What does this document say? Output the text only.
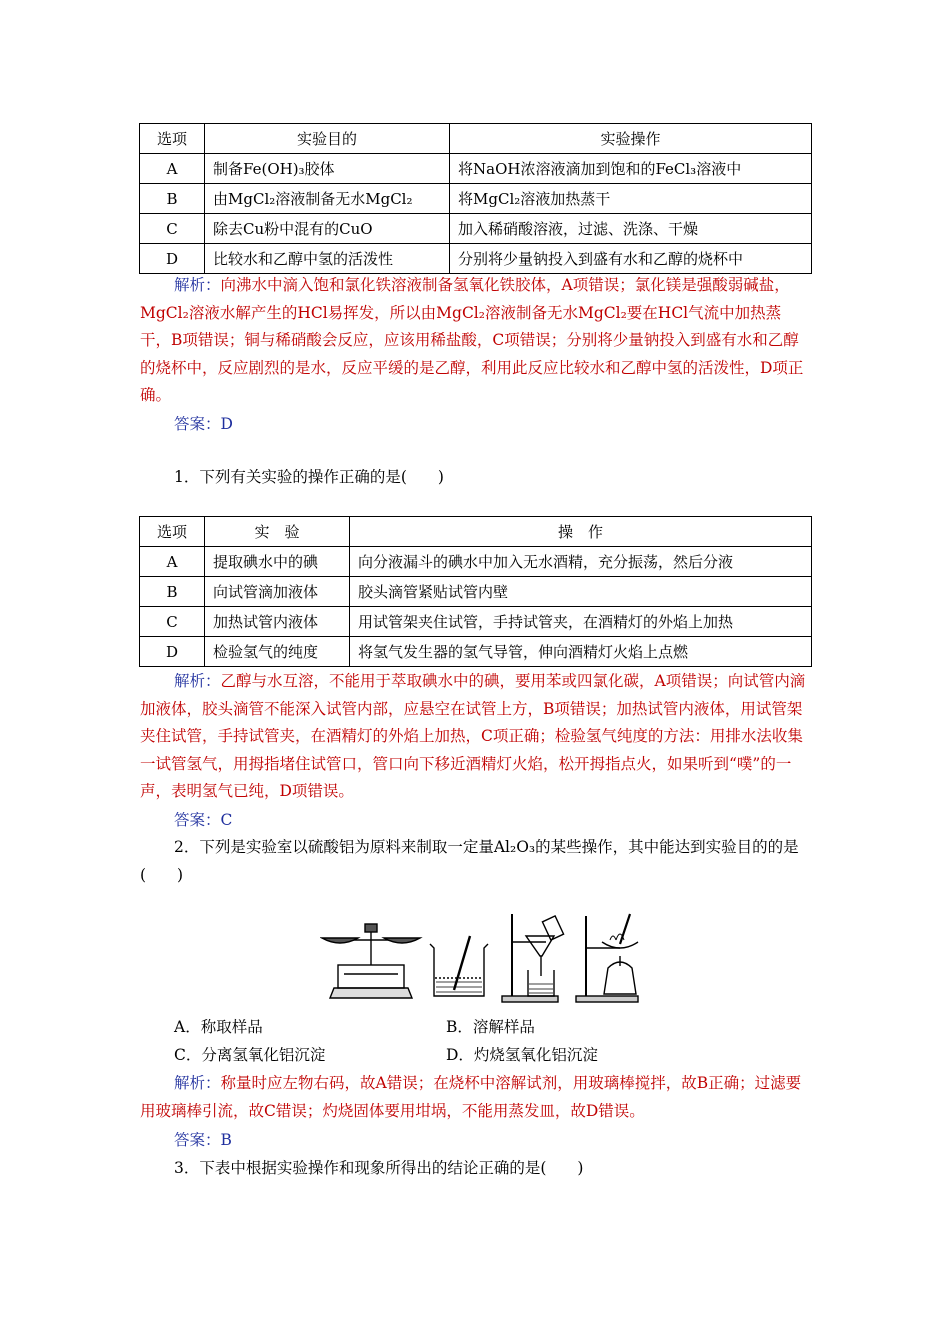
选项	实验目的	实验操作
A	制备Fe(OH)₃胶体	将NaOH浓溶液滴加到饱和的FeCl₃溶液中
B	由MgCl₂溶液制备无水MgCl₂	将MgCl₂溶液加热蒸干
C	除去Cu粉中混有的CuO	加入稀硝酸溶液，过滤、洗涤、干燥
D	比较水和乙醇中氢的活泼性	分别将少量钠投入到盛有水和乙醇的烧杯中
解析：向沸水中滴入饱和氯化铁溶液制备氢氧化铁胶体，A项错误；氯化镁是强酸弱碱盐，MgCl₂溶液水解产生的HCl易挥发，所以由MgCl₂溶液制备无水MgCl₂要在HCl气流中加热蒸干，B项错误；铜与稀硝酸会反应，应该用稀盐酸，C项错误；分别将少量钠投入到盛有水和乙醇的烧杯中，反应剧烈的是水，反应平缓的是乙醇，利用此反应比较水和乙醇中氢的活泼性，D项正确。
答案：D
1．下列有关实验的操作正确的是(　　)
选项	实　验	操　作
A	提取碘水中的碘	向分液漏斗的碘水中加入无水酒精，充分振荡，然后分液
B	向试管滴加液体	胶头滴管紧贴试管内壁
C	加热试管内液体	用试管架夹住试管，手持试管夹，在酒精灯的外焰上加热
D	检验氢气的纯度	将氢气发生器的氢气导管，伸向酒精灯火焰上点燃
解析：乙醇与水互溶，不能用于萃取碘水中的碘，要用苯或四氯化碳，A项错误；向试管内滴加液体，胶头滴管不能深入试管内部，应悬空在试管上方，B项错误；加热试管内液体，用试管架夹住试管，手持试管夹，在酒精灯的外焰上加热，C项正确；检验氢气纯度的方法：用排水法收集一试管氢气，用拇指堵住试管口，管口向下移近酒精灯火焰，松开拇指点火，如果听到“噗”的一声，表明氢气已纯，D项错误。
答案：C
2．下列是实验室以硫酸铝为原料来制取一定量Al₂O₃的某些操作，其中能达到实验目的的是(　　)
A．称取样品	B．溶解样品
C．分离氢氧化铝沉淀	D．灼烧氢氧化铝沉淀
解析：称量时应左物右码，故A错误；在烧杯中溶解试剂，用玻璃棒搅拌，故B正确；过滤要用玻璃棒引流，故C错误；灼烧固体要用坩埚，不能用蒸发皿，故D错误。
答案：B
3．下表中根据实验操作和现象所得出的结论正确的是(　　)
